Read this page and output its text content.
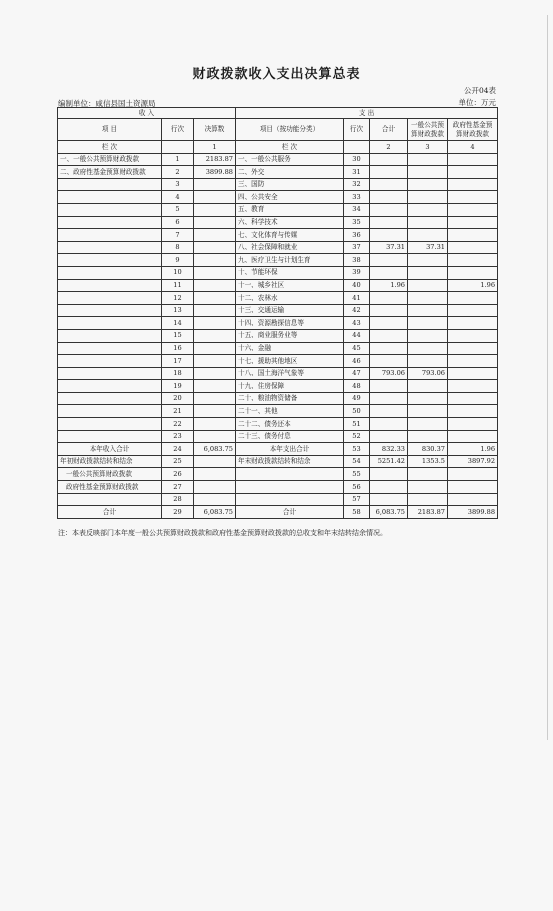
财政拨款收入支出决算总表
公开04表
编制单位：咸信县国土资源局	单位：万元
收 入			支 出				
项 目	行次	决算数	项目（按功能分类）	行次	合计	一般公共预算财政拨款	政府性基金预算财政拨款
栏 次		1	栏 次		2	3	4
一、一般公共预算财政拨款	1	2183.87	一、一般公共服务	30			
二、政府性基金预算财政拨款	2	3899.88	二、外交	31			
	3		三、国防	32			
	4		四、公共安全	33			
	5		五、教育	34			
	6		六、科学技术	35			
	7		七、文化体育与传媒	36			
	8		八、社会保障和就业	37	37.31	37.31	
	9		九、医疗卫生与计划生育	38			
	10		十、节能环保	39			
	11		十一、城乡社区	40	1.96		1.96
	12		十二、农林水	41			
	13		十三、交通运输	42			
	14		十四、资源勘探信息等	43			
	15		十五、商业服务业等	44			
	16		十六、金融	45			
	17		十七、援助其他地区	46			
	18		十八、国土海洋气象等	47	793.06	793.06	
	19		十九、住房保障	48			
	20		二十、粮油物资储备	49			
	21		二十一、其他	50			
	22		二十二、债务还本	51			
	23		二十三、债务付息	52			
本年收入合计	24	6,083.75	本年支出合计	53	832.33	830.37	1.96
年初财政拨款结转和结余	25		年末财政拨款结转和结余	54	5251.42	1353.5	3897.92
一般公共预算财政拨款	26			55			
政府性基金预算财政拨款	27			56			
	28			57			
合计	29	6,083.75	合计	58	6,083.75	2183.87	3899.88
注：本表反映部门本年度一般公共预算财政拨款和政府性基金预算财政拨款的总收支和年末结转结余情况。
